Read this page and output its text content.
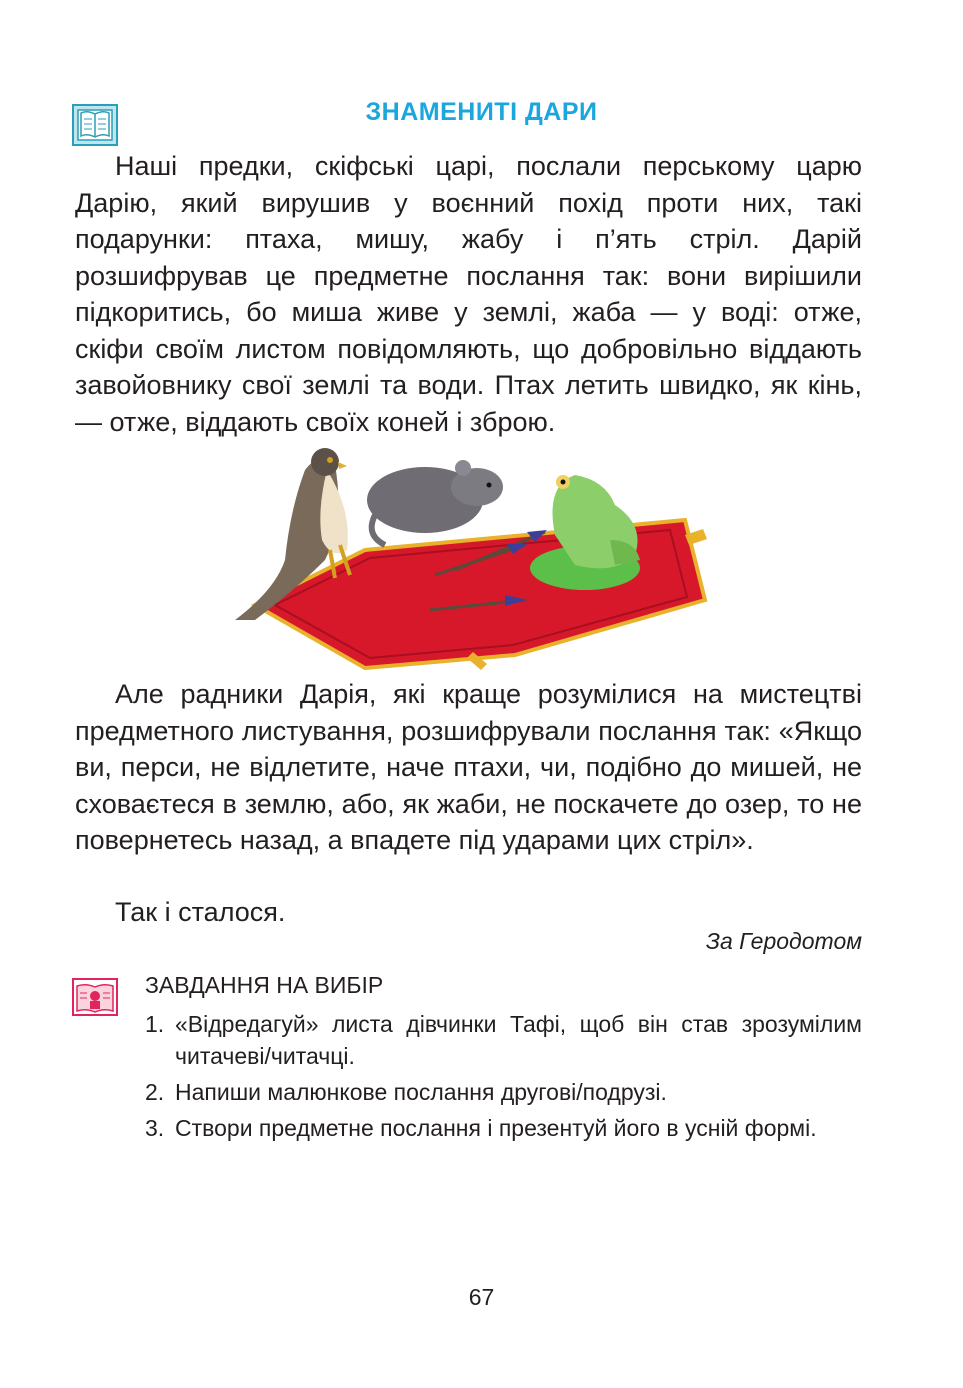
ЗНАМЕНИТІ ДАРИ

Наші предки, скіфські царі, послали перському царю Дарію, який вирушив у воєнний похід проти них, такі подарунки: птаха, мишу, жабу і п’ять стріл. Дарій розшифрував це предметне послання так: вони вирішили підкоритись, бо миша живе у землі, жаба — у воді: отже, скіфи своїм листом повідомляють, що добровільно віддають завойовнику свої землі та води. Птах летить швидко, як кінь, — отже, віддають своїх коней і зброю.

Але радники Дарія, які краще розумілися на мистецтві предметного листування, розшифрували послання так: «Якщо ви, перси, не відлетите, наче птахи, чи, подібно до мишей, не сховаєтеся в землю, або, як жаби, не поскачете до озер, то не повернетесь назад, а впадете під ударами цих стріл».

Так і сталося.

За Геродотом
ЗАВДАННЯ НА ВИБІР
1. «Відредагуй» листа дівчинки Тафі, щоб він став зрозумілим читачеві/читачці.
2. Напиши малюнкове послання другові/подрузі.
3. Створи предметне послання і презентуй його в усній формі.
67
